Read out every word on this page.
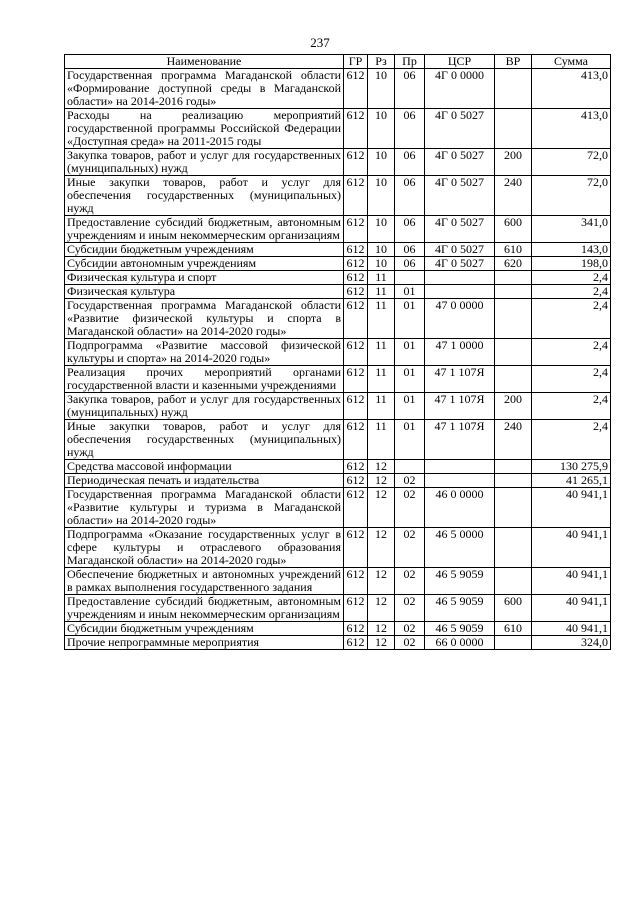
237
Наименование	ГР	Рз	Пр	ЦСР	ВР	Сумма
Государственная программа Магаданской области «Формирование доступной среды в Магаданской области» на 2014-2016 годы»	612	10	06	4Г 0 0000		413,0
Расходы на реализацию мероприятий государственной программы Российской Федерации «Доступная среда» на 2011-2015 годы	612	10	06	4Г 0 5027		413,0
Закупка товаров, работ и услуг для государственных (муниципальных) нужд	612	10	06	4Г 0 5027	200	72,0
Иные закупки товаров, работ и услуг для обеспечения государственных (муниципальных) нужд	612	10	06	4Г 0 5027	240	72,0
Предоставление субсидий бюджетным, автономным учреждениям и иным некоммерческим организациям	612	10	06	4Г 0 5027	600	341,0
Субсидии бюджетным учреждениям	612	10	06	4Г 0 5027	610	143,0
Субсидии автономным учреждениям	612	10	06	4Г 0 5027	620	198,0
Физическая культура и спорт	612	11				2,4
Физическая культура	612	11	01			2,4
Государственная программа Магаданской области «Развитие физической культуры и спорта в Магаданской области» на 2014-2020 годы»	612	11	01	47 0 0000		2,4
Подпрограмма «Развитие массовой физической культуры и спорта» на 2014-2020 годы»	612	11	01	47 1 0000		2,4
Реализация прочих мероприятий органами государственной власти и казенными учреждениями	612	11	01	47 1 107Я		2,4
Закупка товаров, работ и услуг для государственных (муниципальных) нужд	612	11	01	47 1 107Я	200	2,4
Иные закупки товаров, работ и услуг для обеспечения государственных (муниципальных) нужд	612	11	01	47 1 107Я	240	2,4
Средства массовой информации	612	12				130 275,9
Периодическая печать и издательства	612	12	02			41 265,1
Государственная программа Магаданской области «Развитие культуры и туризма в Магаданской области» на 2014-2020 годы»	612	12	02	46 0 0000		40 941,1
Подпрограмма «Оказание государственных услуг в сфере культуры и отраслевого образования Магаданской области» на 2014-2020 годы»	612	12	02	46 5 0000		40 941,1
Обеспечение бюджетных и автономных учреждений в рамках выполнения государственного задания	612	12	02	46 5 9059		40 941,1
Предоставление субсидий бюджетным, автономным учреждениям и иным некоммерческим организациям	612	12	02	46 5 9059	600	40 941,1
Субсидии бюджетным учреждениям	612	12	02	46 5 9059	610	40 941,1
Прочие непрограммные мероприятия	612	12	02	66 0 0000		324,0
